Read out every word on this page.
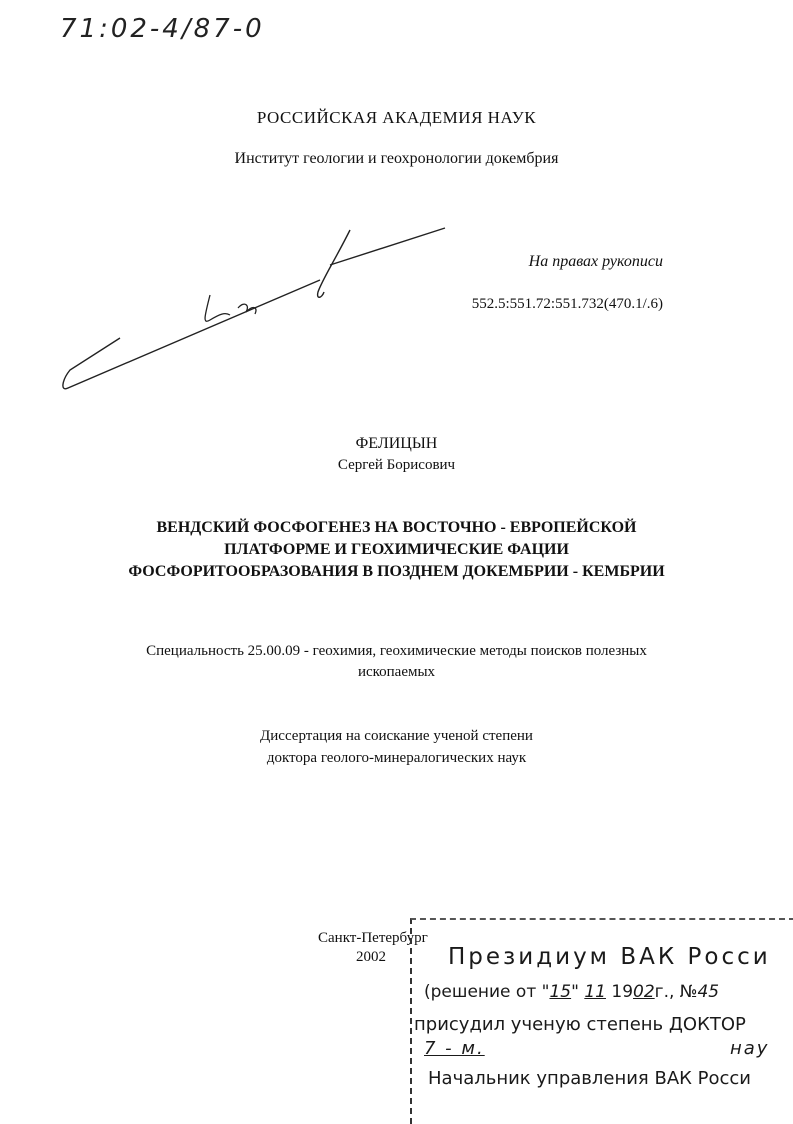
71:02-4/87-0
РОССИЙСКАЯ АКАДЕМИЯ НАУК
Институт геологии и геохронологии докембрия
На правах рукописи
552.5:551.72:551.732(470.1/.6)
ФЕЛИЦЫН
Сергей Борисович
ВЕНДСКИЙ ФОСФОГЕНЕЗ НА ВОСТОЧНО - ЕВРОПЕЙСКОЙ
ПЛАТФОРМЕ И ГЕОХИМИЧЕСКИЕ ФАЦИИ
ФОСФОРИТООБРАЗОВАНИЯ В ПОЗДНЕМ ДОКЕМБРИИ - КЕМБРИИ
Специальность 25.00.09 - геохимия, геохимические методы поисков полезных
ископаемых
Диссертация на соискание ученой степени
доктора геолого-минералогических наук
Санкт-Петербург
2002	Президиум ВАК Росси
(решение от "15" 11 1902г., №45
присудил ученую степень ДОКТОР
7 - м.	нау
Начальник управления ВАК Росси
